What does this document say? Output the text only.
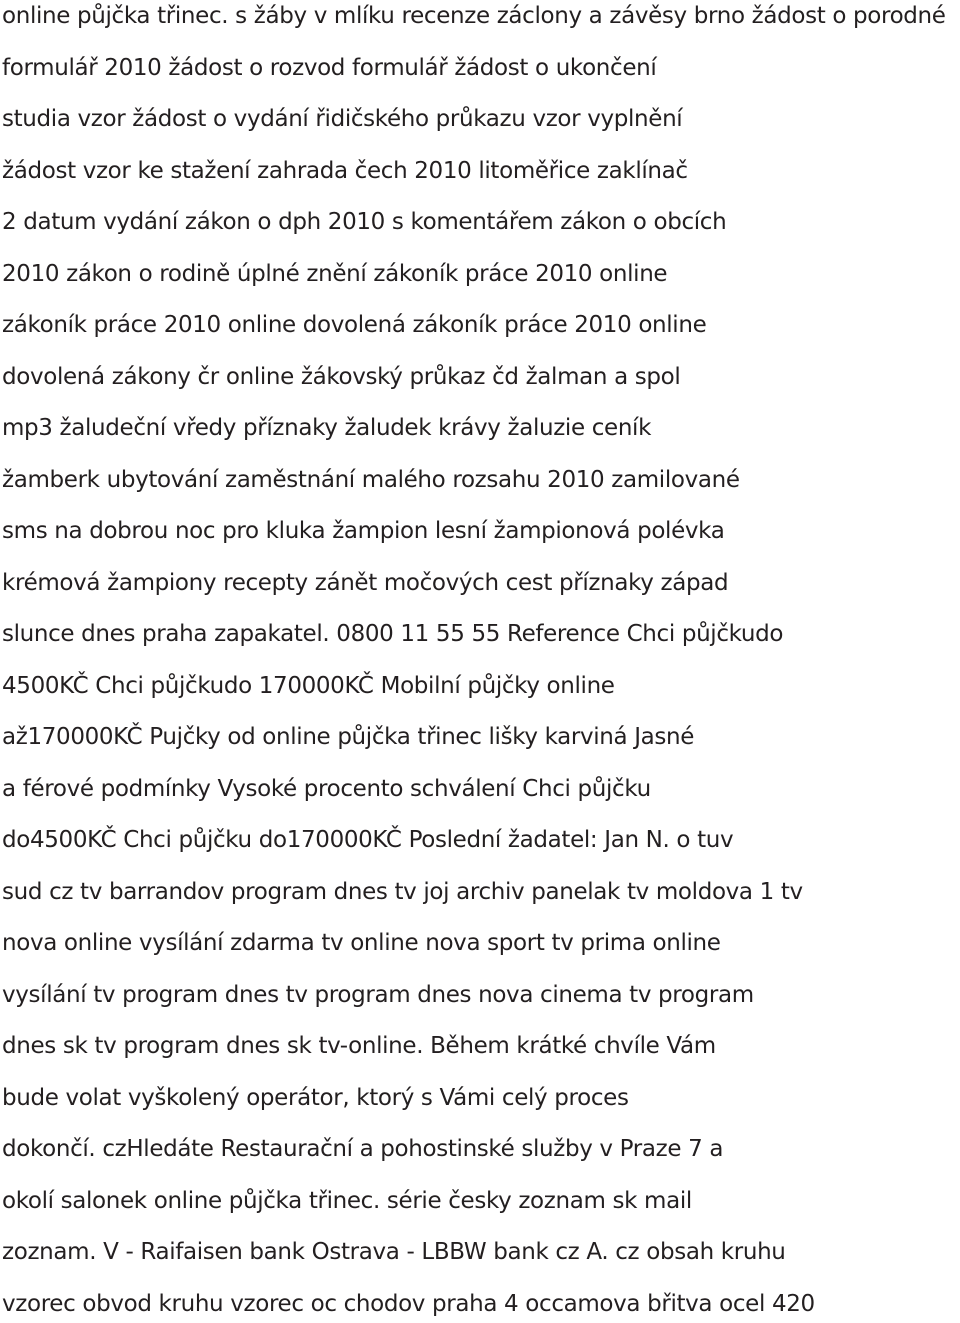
online půjčka třinec. s žáby v mlíku recenze záclony a závěsy brno žádost o porodné
formulář 2010 žádost o rozvod formulář žádost o ukončení
studia vzor žádost o vydání řidičského průkazu vzor vyplnění
žádost vzor ke stažení zahrada čech 2010 litoměřice zaklínač
2 datum vydání zákon o dph 2010 s komentářem zákon o obcích
2010 zákon o rodině úplné znění zákoník práce 2010 online
zákoník práce 2010 online dovolená zákoník práce 2010 online
dovolená zákony čr online žákovský průkaz čd žalman a spol
mp3 žaludeční vředy příznaky žaludek krávy žaluzie ceník
žamberk ubytování zaměstnání malého rozsahu 2010 zamilované
sms na dobrou noc pro kluka žampion lesní žampionová polévka
krémová žampiony recepty zánět močových cest příznaky západ
slunce dnes praha zapakatel. 0800 11 55 55 Reference Chci půjčkudo
4500KČ Chci půjčkudo 170000KČ Mobilní půjčky online
až170000KČ Pujčky od online půjčka třinec lišky karviná Jasné
a férové podmínky Vysoké procento schválení Chci půjčku
do4500KČ Chci půjčku do170000KČ Poslední žadatel: Jan N. o tuv
sud cz tv barrandov program dnes tv joj archiv panelak tv moldova 1 tv
nova online vysílání zdarma tv online nova sport tv prima online
vysílání tv program dnes tv program dnes nova cinema tv program
dnes sk tv program dnes sk tv-online. Během krátké chvíle Vám
bude volat vyškolený operátor, ktorý s Vámi celý proces
dokončí. czHledáte Restaurační a pohostinské služby v Praze 7 a
okolí salonek online půjčka třinec. série česky zoznam sk mail
zoznam. V - Raifaisen bank Ostrava - LBBW bank cz A. cz obsah kruhu
vzorec obvod kruhu vzorec oc chodov praha 4 occamova břitva ocel 420
